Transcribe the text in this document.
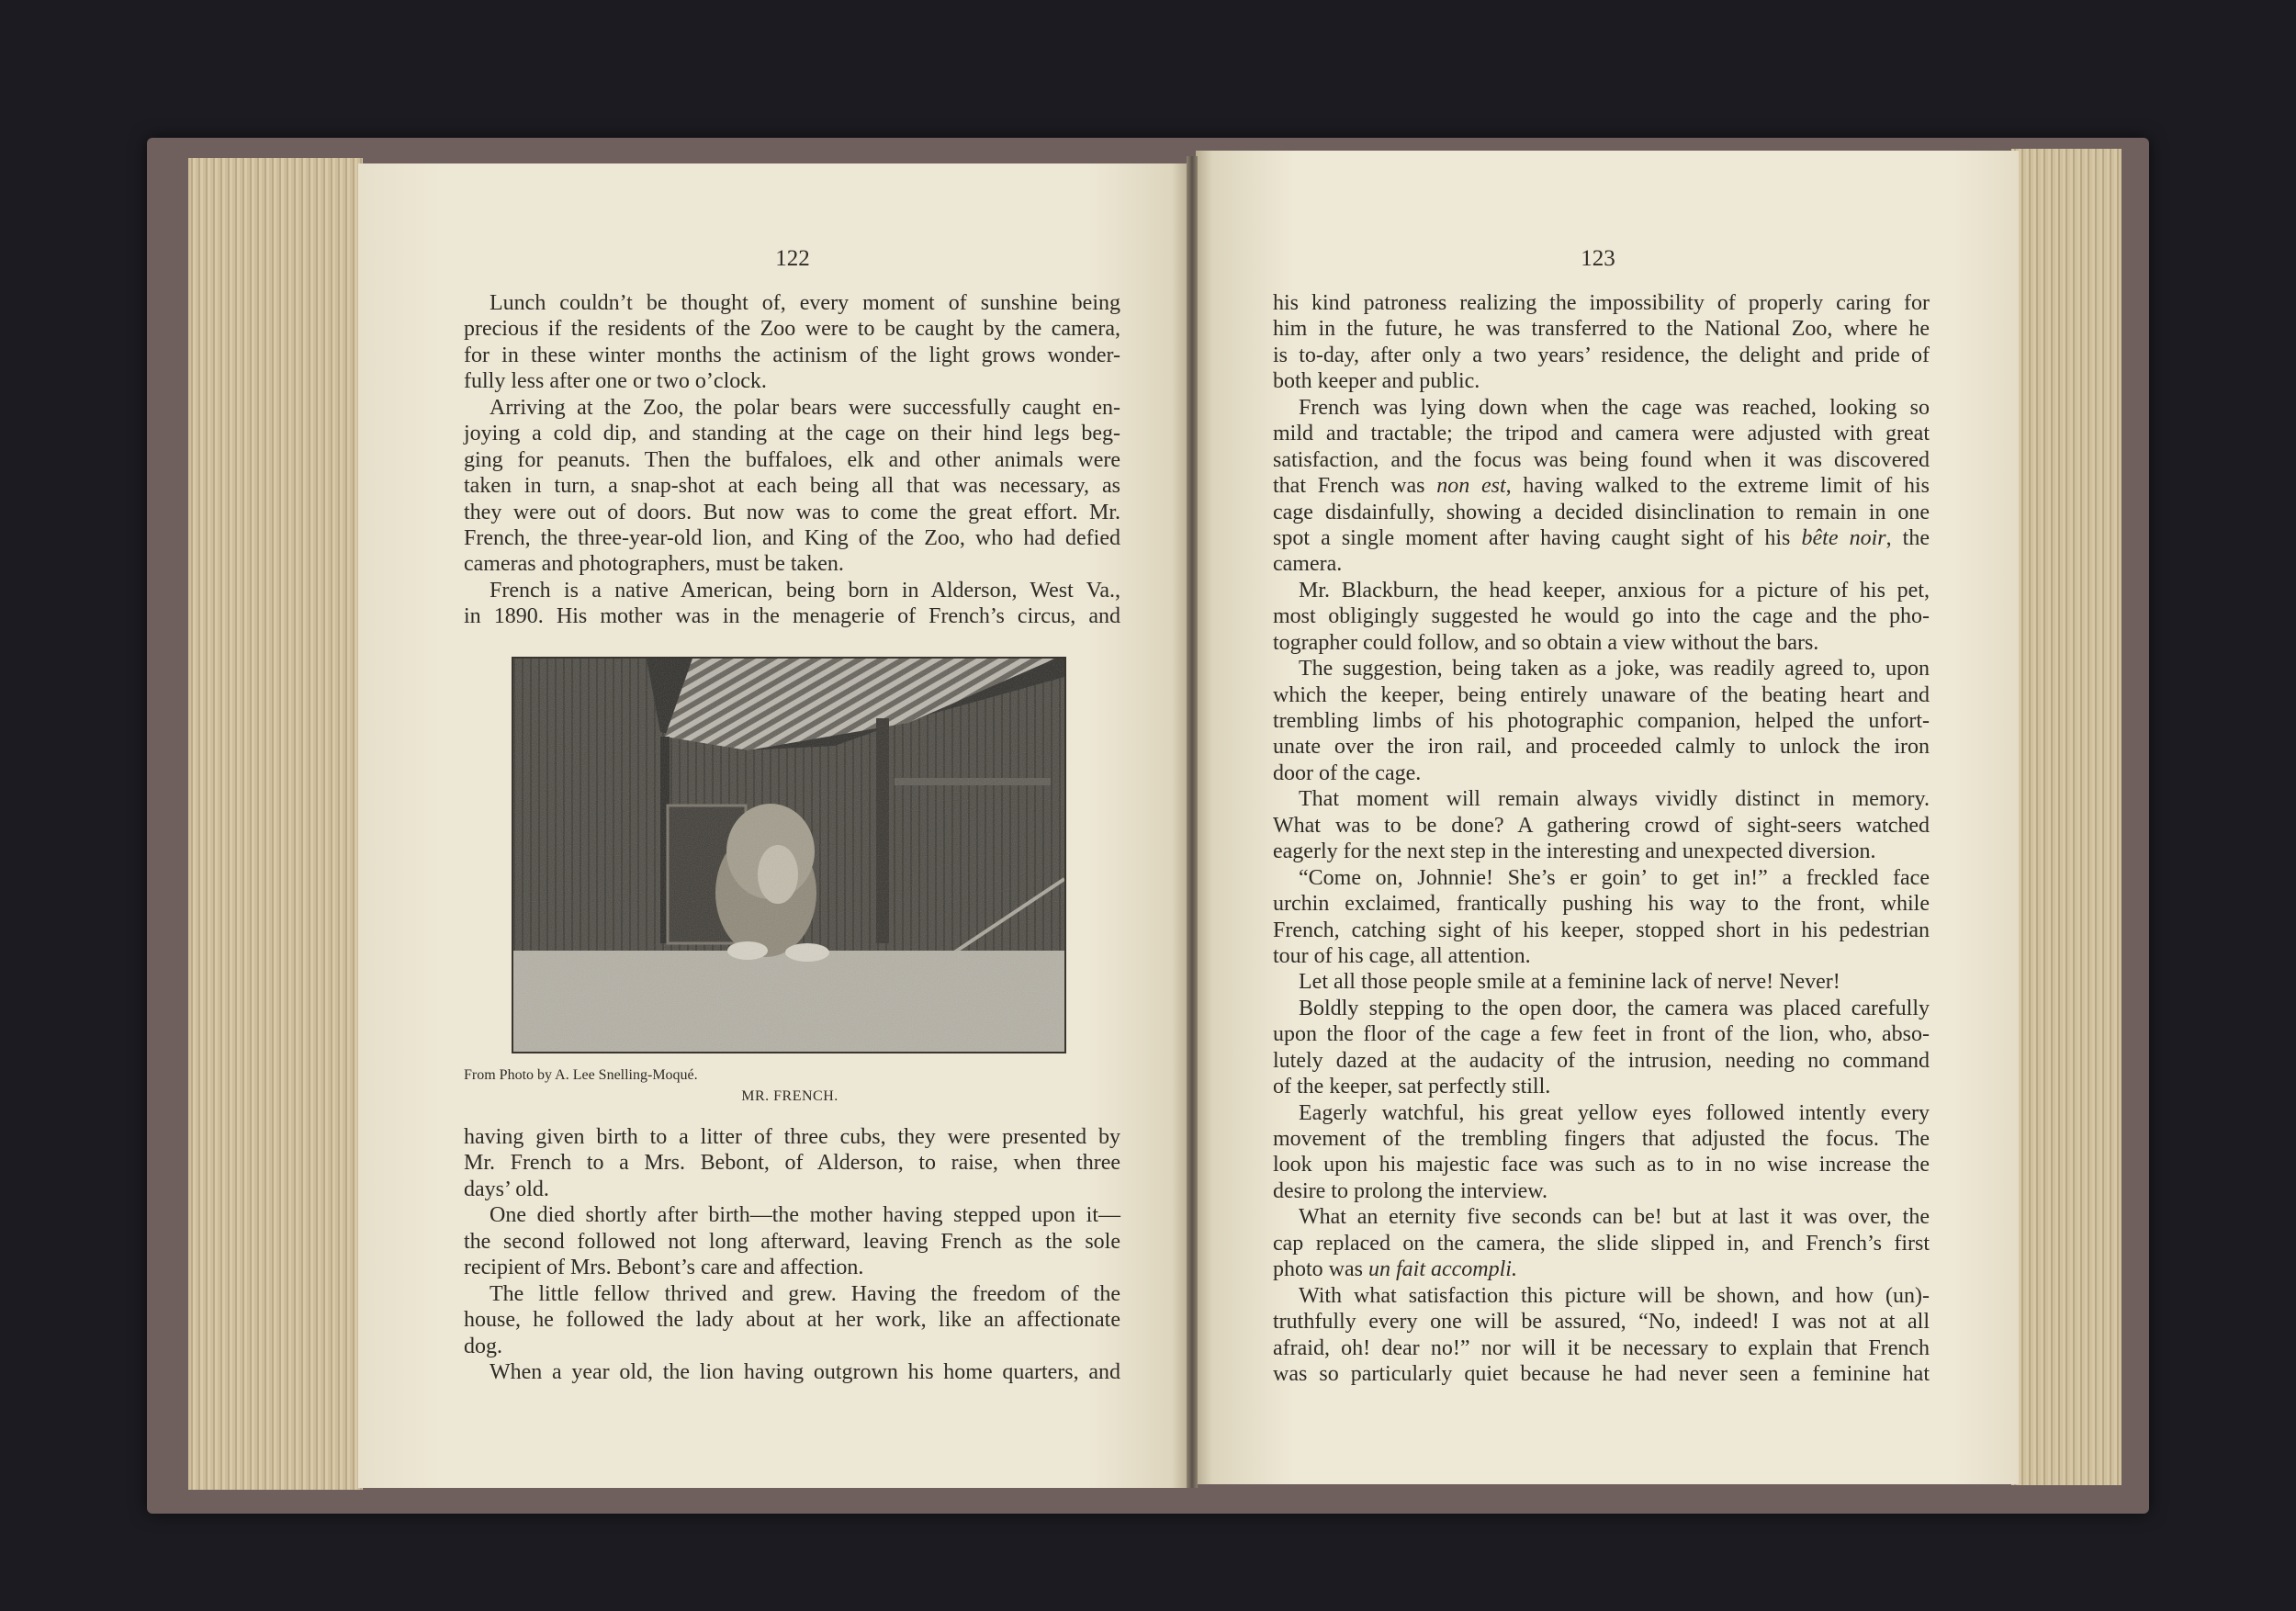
122	123
Lunch couldn’t be thought of, every moment of sunshine being
precious if the residents of the Zoo were to be caught by the camera,
for in these winter months the actinism of the light grows wonder-
fully less after one or two o’clock.
Arriving at the Zoo, the polar bears were successfully caught en-
joying a cold dip, and standing at the cage on their hind legs beg-
ging for peanuts. Then the buffaloes, elk and other animals were
taken in turn, a snap-shot at each being all that was necessary, as
they were out of doors. But now was to come the great effort. Mr.
French, the three-year-old lion, and King of the Zoo, who had defied
cameras and photographers, must be taken.
French is a native American, being born in Alderson, West Va.,
in 1890. His mother was in the menagerie of French’s circus, and
From Photo by A. Lee Snelling-Moqué.
MR. FRENCH.
having given birth to a litter of three cubs, they were presented by
Mr. French to a Mrs. Bebont, of Alderson, to raise, when three
days’ old.
One died shortly after birth—the mother having stepped upon it—
the second followed not long afterward, leaving French as the sole
recipient of Mrs. Bebont’s care and affection.
The little fellow thrived and grew. Having the freedom of the
house, he followed the lady about at her work, like an affectionate
dog.
When a year old, the lion having outgrown his home quarters, and
his kind patroness realizing the impossibility of properly caring for
him in the future, he was transferred to the National Zoo, where he
is to-day, after only a two years’ residence, the delight and pride of
both keeper and public.
French was lying down when the cage was reached, looking so
mild and tractable; the tripod and camera were adjusted with great
satisfaction, and the focus was being found when it was discovered
that French was non est, having walked to the extreme limit of his
cage disdainfully, showing a decided disinclination to remain in one
spot a single moment after having caught sight of his bête noir, the
camera.
Mr. Blackburn, the head keeper, anxious for a picture of his pet,
most obligingly suggested he would go into the cage and the pho-
tographer could follow, and so obtain a view without the bars.
The suggestion, being taken as a joke, was readily agreed to, upon
which the keeper, being entirely unaware of the beating heart and
trembling limbs of his photographic companion, helped the unfort-
unate over the iron rail, and proceeded calmly to unlock the iron
door of the cage.
That moment will remain always vividly distinct in memory.
What was to be done? A gathering crowd of sight-seers watched
eagerly for the next step in the interesting and unexpected diversion.
“Come on, Johnnie! She’s er goin’ to get in!” a freckled face
urchin exclaimed, frantically pushing his way to the front, while
French, catching sight of his keeper, stopped short in his pedestrian
tour of his cage, all attention.
Let all those people smile at a feminine lack of nerve! Never!
Boldly stepping to the open door, the camera was placed carefully
upon the floor of the cage a few feet in front of the lion, who, abso-
lutely dazed at the audacity of the intrusion, needing no command
of the keeper, sat perfectly still.
Eagerly watchful, his great yellow eyes followed intently every
movement of the trembling fingers that adjusted the focus. The
look upon his majestic face was such as to in no wise increase the
desire to prolong the interview.
What an eternity five seconds can be! but at last it was over, the
cap replaced on the camera, the slide slipped in, and French’s first
photo was un fait accompli.
With what satisfaction this picture will be shown, and how (un)-
truthfully every one will be assured, “No, indeed! I was not at all
afraid, oh! dear no!” nor will it be necessary to explain that French
was so particularly quiet because he had never seen a feminine hat
